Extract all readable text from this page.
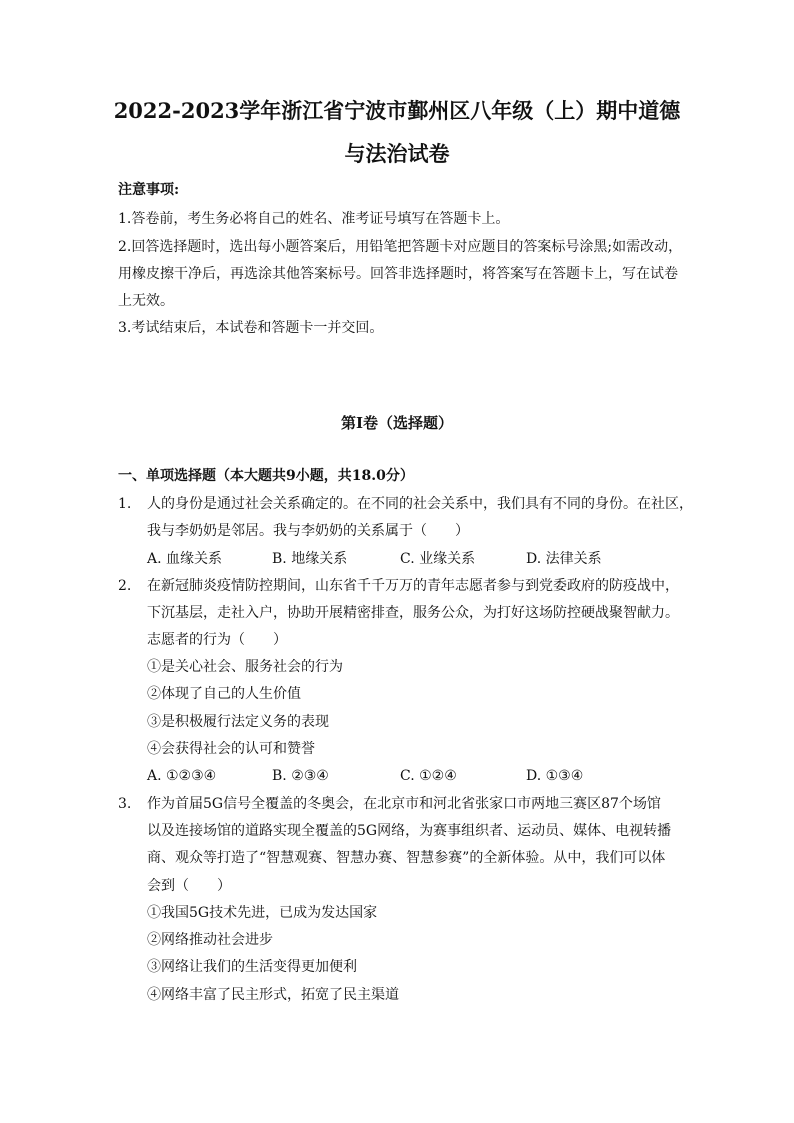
2022-2023学年浙江省宁波市鄞州区八年级（上）期中道德
与法治试卷
注意事项:
1.答卷前，考生务必将自己的姓名、准考证号填写在答题卡上。
2.回答选择题时，选出每小题答案后，用铅笔把答题卡对应题目的答案标号涂黑;如需改动，
用橡皮擦干净后，再选涂其他答案标号。回答非选择题时，将答案写在答题卡上，写在试卷
上无效。
3.考试结束后，本试卷和答题卡一并交回。
第I卷（选择题）
一、单项选择题（本大题共9小题，共18.0分）
1. 人的身份是通过社会关系确定的。在不同的社会关系中，我们具有不同的身份。在社区，
我与李奶奶是邻居。我与李奶奶的关系属于（　　）
A. 血缘关系	B. 地缘关系	C. 业缘关系	D. 法律关系
2. 在新冠肺炎疫情防控期间，山东省千千万万的青年志愿者参与到党委政府的防疫战中，
下沉基层，走社入户，协助开展精密排查，服务公众，为打好这场防控硬战聚智献力。
志愿者的行为（　　）
①是关心社会、服务社会的行为
②体现了自己的人生价值
③是积极履行法定义务的表现
④会获得社会的认可和赞誉
A. ①②③④	B. ②③④	C. ①②④	D. ①③④
3. 作为首届5G信号全覆盖的冬奥会，在北京市和河北省张家口市两地三赛区87个场馆
以及连接场馆的道路实现全覆盖的5G网络，为赛事组织者、运动员、媒体、电视转播
商、观众等打造了“智慧观赛、智慧办赛、智慧参赛”的全新体验。从中，我们可以体
会到（　　）
①我国5G技术先进，已成为发达国家
②网络推动社会进步
③网络让我们的生活变得更加便利
④网络丰富了民主形式，拓宽了民主渠道
